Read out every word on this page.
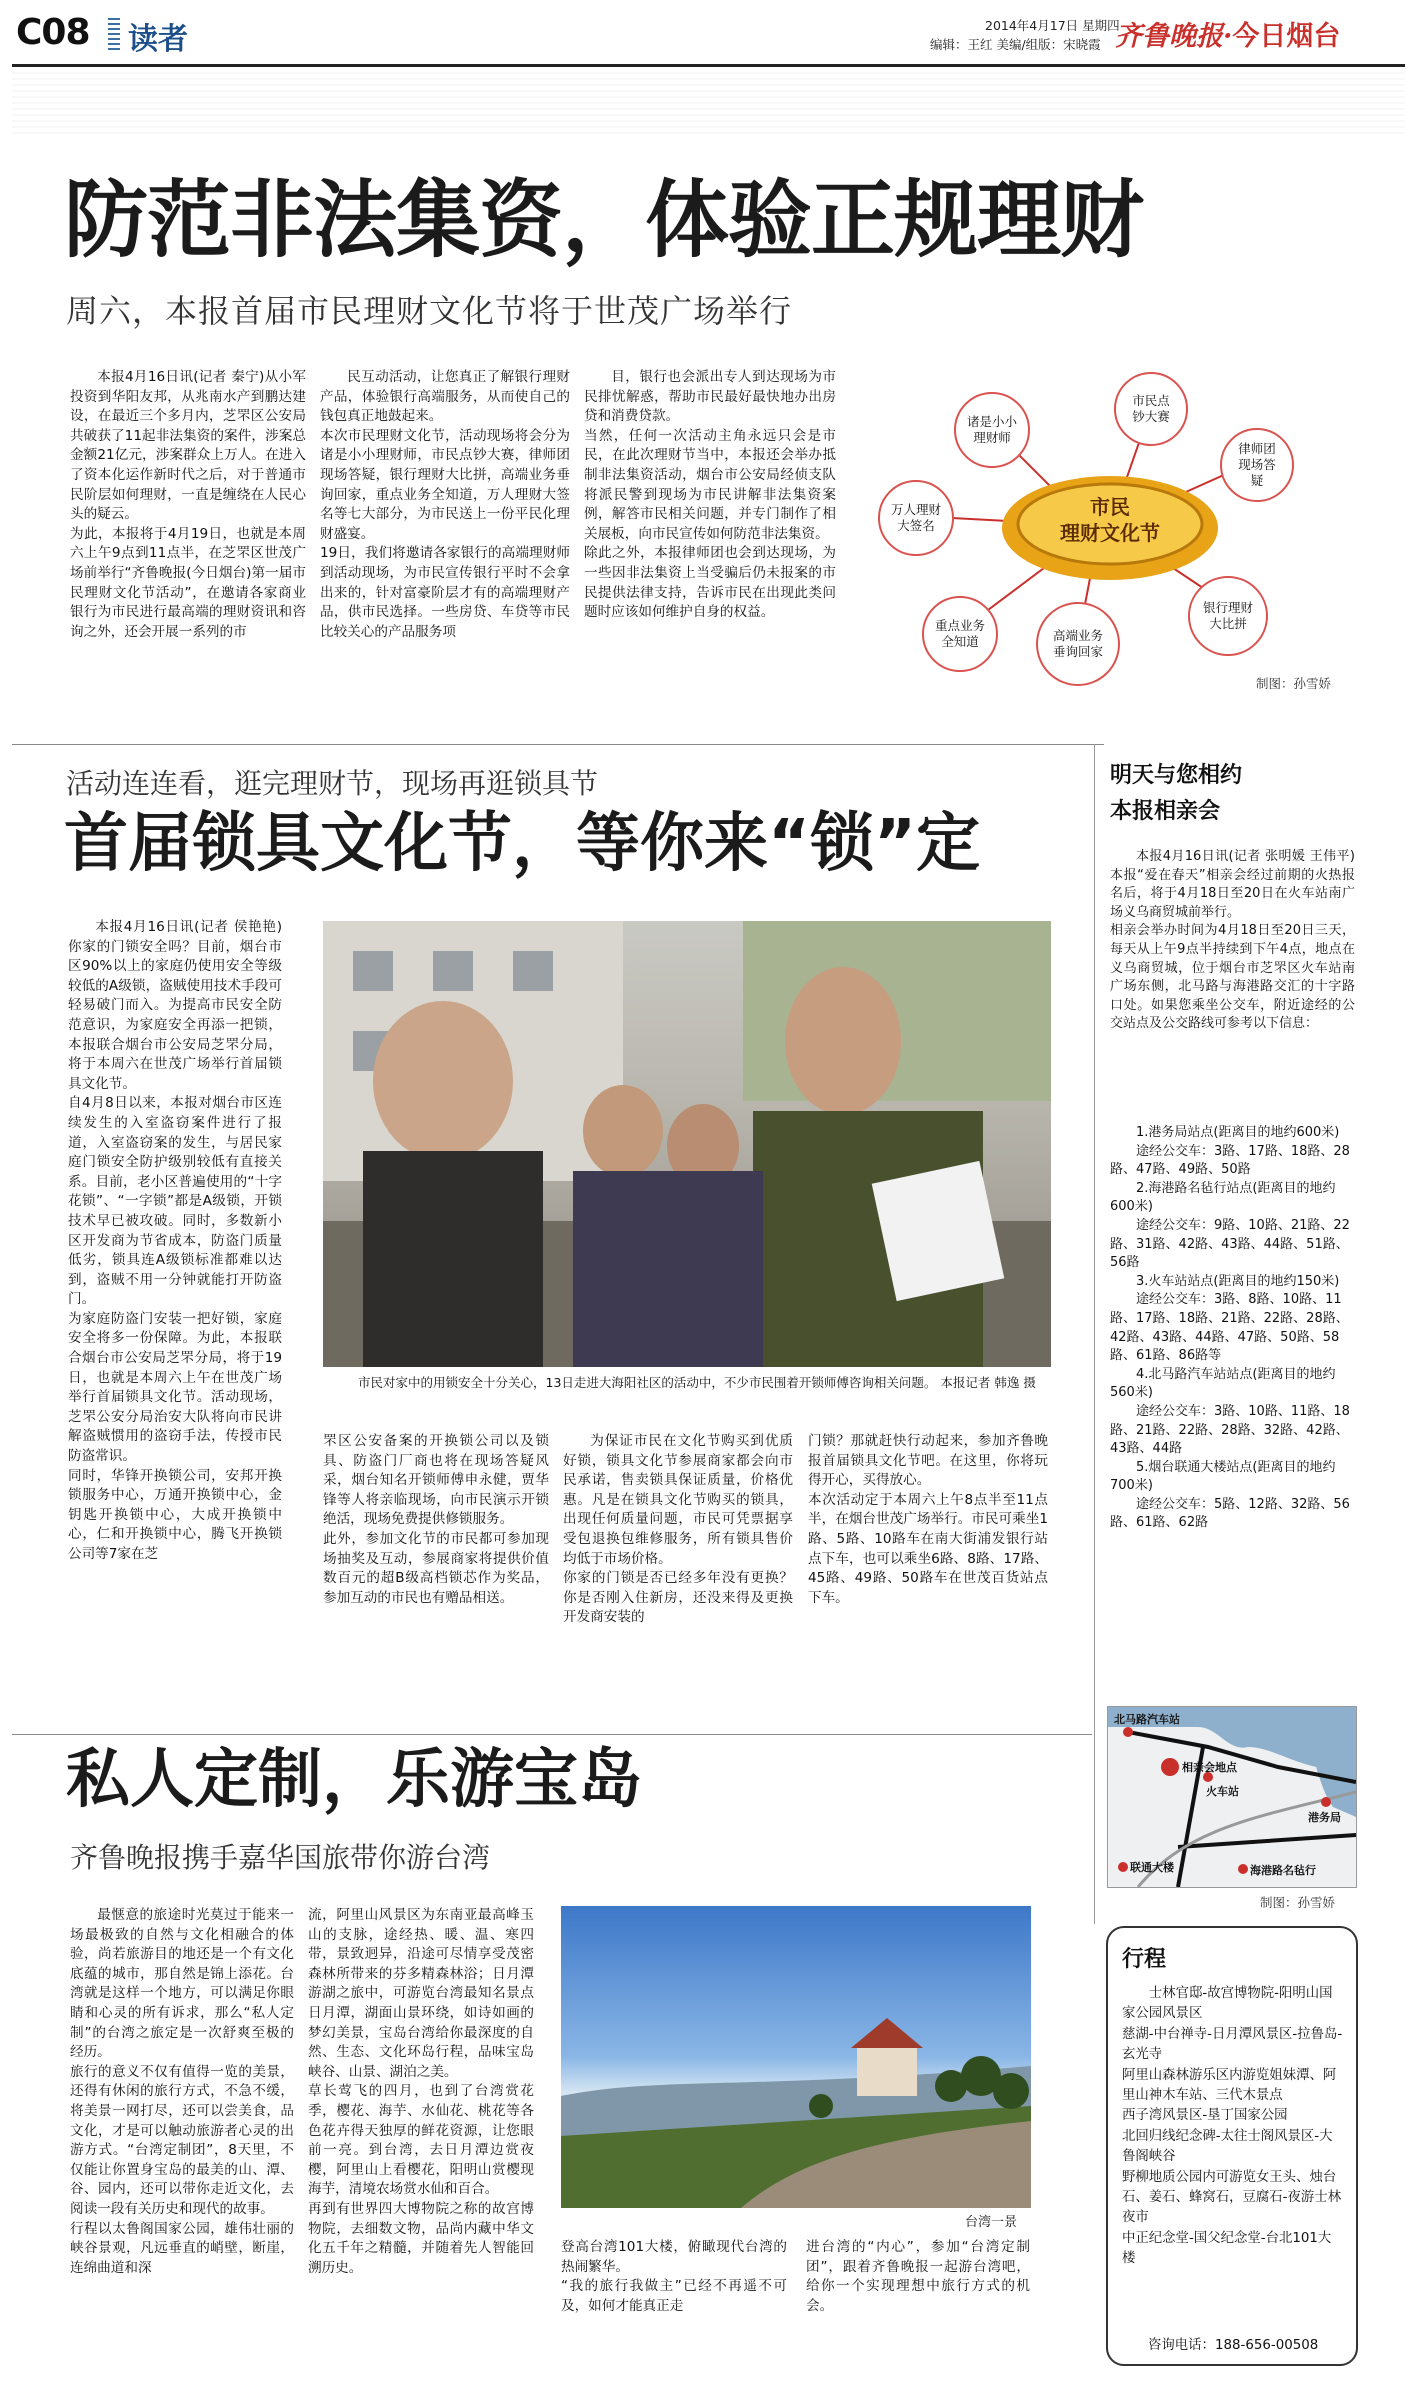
C08 读者	2014年4月17日 星期四
编辑：王红 美编/组版：宋晓霞 齐鲁晚报·今日烟台
防范非法集资，体验正规理财
周六，本报首届市民理财文化节将于世茂广场举行
本报4月16日讯(记者 秦宁)从小军投资到华阳友邦，从兆南水产到鹏达建设，在最近三个多月内，芝罘区公安局共破获了11起非法集资的案件，涉案总金额21亿元，涉案群众上万人。在进入了资本化运作新时代之后，对于普通市民阶层如何理财，一直是缠绕在人民心头的疑云。
为此，本报将于4月19日，也就是本周六上午9点到11点半，在芝罘区世茂广场前举行“齐鲁晚报(今日烟台)第一届市民理财文化节活动”，在邀请各家商业银行为市民进行最高端的理财资讯和咨询之外，还会开展一系列的市
民互动活动，让您真正了解银行理财产品，体验银行高端服务，从而使自己的钱包真正地鼓起来。
本次市民理财文化节，活动现场将会分为诸是小小理财师，市民点钞大赛，律师团现场答疑，银行理财大比拼，高端业务垂询回家，重点业务全知道，万人理财大签名等七大部分，为市民送上一份平民化理财盛宴。
19日，我们将邀请各家银行的高端理财师到活动现场，为市民宣传银行平时不会拿出来的，针对富豪阶层才有的高端理财产品，供市民选择。一些房贷、车贷等市民比较关心的产品服务项
目，银行也会派出专人到达现场为市民排忧解惑，帮助市民最好最快地办出房贷和消费贷款。
当然，任何一次活动主角永远只会是市民，在此次理财节当中，本报还会举办抵制非法集资活动，烟台市公安局经侦支队将派民警到现场为市民讲解非法集资案例，解答市民相关问题，并专门制作了相关展板，向市民宣传如何防范非法集资。
除此之外，本报律师团也会到达现场，为一些因非法集资上当受骗后仍未报案的市民提供法律支持，告诉市民在出现此类问题时应该如何维护自身的权益。
市民
理财文化节
诸是小小
理财师
市民点
钞大赛
律师团
现场答
疑
银行理财
大比拼
高端业务
垂询回家
重点业务
全知道
万人理财
大签名
制图：孙雪娇
活动连连看，逛完理财节，现场再逛锁具节
首届锁具文化节，等你来“锁”定
本报4月16日讯(记者 侯艳艳) 你家的门锁安全吗？目前，烟台市区90%以上的家庭仍使用安全等级较低的A级锁，盗贼使用技术手段可轻易破门而入。为提高市民安全防范意识，为家庭安全再添一把锁，本报联合烟台市公安局芝罘分局，将于本周六在世茂广场举行首届锁具文化节。
自4月8日以来，本报对烟台市区连续发生的入室盗窃案件进行了报道，入室盗窃案的发生，与居民家庭门锁安全防护级别较低有直接关系。目前，老小区普遍使用的“十字花锁”、“一字锁”都是A级锁，开锁技术早已被攻破。同时，多数新小区开发商为节省成本，防盗门质量低劣，锁具连A级锁标准都难以达到，盗贼不用一分钟就能打开防盗门。
为家庭防盗门安装一把好锁，家庭安全将多一份保障。为此，本报联合烟台市公安局芝罘分局，将于19日，也就是本周六上午在世茂广场举行首届锁具文化节。活动现场，芝罘公安分局治安大队将向市民讲解盗贼惯用的盗窃手法，传授市民防盗常识。
同时，华锋开换锁公司，安邦开换锁服务中心，万通开换锁中心，金钥匙开换锁中心，大成开换锁中心，仁和开换锁中心，腾飞开换锁公司等7家在芝
市民对家中的用锁安全十分关心，13日走进大海阳社区的活动中，不少市民围着开锁师傅咨询相关问题。 本报记者 韩逸 摄
罘区公安备案的开换锁公司以及锁具、防盗门厂商也将在现场答疑风采，烟台知名开锁师傅申永健，贾华锋等人将亲临现场，向市民演示开锁绝活，现场免费提供修锁服务。
此外，参加文化节的市民都可参加现场抽奖及互动，参展商家将提供价值数百元的超B级高档锁芯作为奖品，参加互动的市民也有赠品相送。
为保证市民在文化节购买到优质好锁，锁具文化节参展商家都会向市民承诺，售卖锁具保证质量，价格优惠。凡是在锁具文化节购买的锁具，出现任何质量问题，市民可凭票据享受包退换包维修服务，所有锁具售价均低于市场价格。
你家的门锁是否已经多年没有更换？你是否刚入住新房，还没来得及更换开发商安装的
门锁？那就赶快行动起来，参加齐鲁晚报首届锁具文化节吧。在这里，你将玩得开心，买得放心。
本次活动定于本周六上午8点半至11点半，在烟台世茂广场举行。市民可乘坐1路、5路、10路车在南大街浦发银行站点下车，也可以乘坐6路、8路、17路、45路、49路、50路车在世茂百货站点下车。
明天与您相约
本报相亲会
本报4月16日讯(记者 张明媛 王伟平) 本报“爱在春天”相亲会经过前期的火热报名后，将于4月18日至20日在火车站南广场义乌商贸城前举行。
相亲会举办时间为4月18日至20日三天，每天从上午9点半持续到下午4点，地点在义乌商贸城，位于烟台市芝罘区火车站南广场东侧，北马路与海港路交汇的十字路口处。如果您乘坐公交车，附近途经的公交站点及公交路线可参考以下信息：
1.港务局站点(距离目的地约600米)
途经公交车：3路、17路、18路、28路、47路、49路、50路
2.海港路名毡行站点(距离目的地约600米)
途经公交车：9路、10路、21路、22路、31路、42路、43路、44路、51路、56路
3.火车站站点(距离目的地约150米)
途经公交车：3路、8路、10路、11路、17路、18路、21路、22路、28路、42路、43路、44路、47路、50路、58路、61路、86路等
4.北马路汽车站站点(距离目的地约560米)
途经公交车：3路、10路、11路、18路、21路、22路、28路、32路、42路、43路、44路
5.烟台联通大楼站点(距离目的地约700米)
途经公交车：5路、12路、32路、56路、61路、62路
北马路汽车站
相亲会地点
火车站
港务局
联通大楼	海港路名毡行
制图：孙雪娇
私人定制，乐游宝岛
齐鲁晚报携手嘉华国旅带你游台湾
最惬意的旅途时光莫过于能来一场最极致的自然与文化相融合的体验，尚若旅游目的地还是一个有文化底蕴的城市，那自然是锦上添花。台湾就是这样一个地方，可以满足你眼睛和心灵的所有诉求，那么“私人定制”的台湾之旅定是一次舒爽至极的经历。
旅行的意义不仅有值得一览的美景，还得有休闲的旅行方式，不急不缓，将美景一网打尽，还可以尝美食，品文化，才是可以触动旅游者心灵的出游方式。“台湾定制团”，8天里，不仅能让你置身宝岛的最美的山、潭、谷、园内，还可以带你走近文化，去阅读一段有关历史和现代的故事。
行程以太鲁阁国家公园，雄伟壮丽的峡谷景观，凡远垂直的峭壁，断崖，连绵曲道和深
流，阿里山风景区为东南亚最高峰玉山的支脉，途经热、暖、温、寒四带，景致迥异，沿途可尽情享受茂密森林所带来的芬多精森林浴；日月潭游湖之旅中，可游览台湾最知名景点日月潭，湖面山景环绕，如诗如画的梦幻美景，宝岛台湾给你最深度的自然、生态、文化环岛行程，品味宝岛峡谷、山景、湖泊之美。
草长莺飞的四月，也到了台湾赏花季，樱花、海芋、水仙花、桃花等各色花卉得天独厚的鲜花资源，让您眼前一亮。到台湾，去日月潭边赏夜樱，阿里山上看樱花，阳明山赏樱现海芋，清境农场赏水仙和百合。
再到有世界四大博物院之称的故宫博物院，去细数文物，品尚内藏中华文化五千年之精髓，并随着先人智能回溯历史。
台湾一景
登高台湾101大楼，俯瞰现代台湾的热闹繁华。
“我的旅行我做主”已经不再遥不可及，如何才能真正走
进台湾的“内心”，参加“台湾定制团”，跟着齐鲁晚报一起游台湾吧，给你一个实现理想中旅行方式的机会。
行程
士林官邸-故宫博物院-阳明山国家公园风景区
慈湖-中台禅寺-日月潭风景区-拉鲁岛-玄光寺
阿里山森林游乐区内游览姐妹潭、阿里山神木车站、三代木景点
西子湾风景区-垦丁国家公园
北回归线纪念碑-太往士阁风景区-大鲁阁峡谷
野柳地质公园内可游览女王头、烛台石、姜石、蜂窝石，豆腐石-夜游士林夜市
中正纪念堂-国父纪念堂-台北101大楼
咨询电话：188-656-00508
